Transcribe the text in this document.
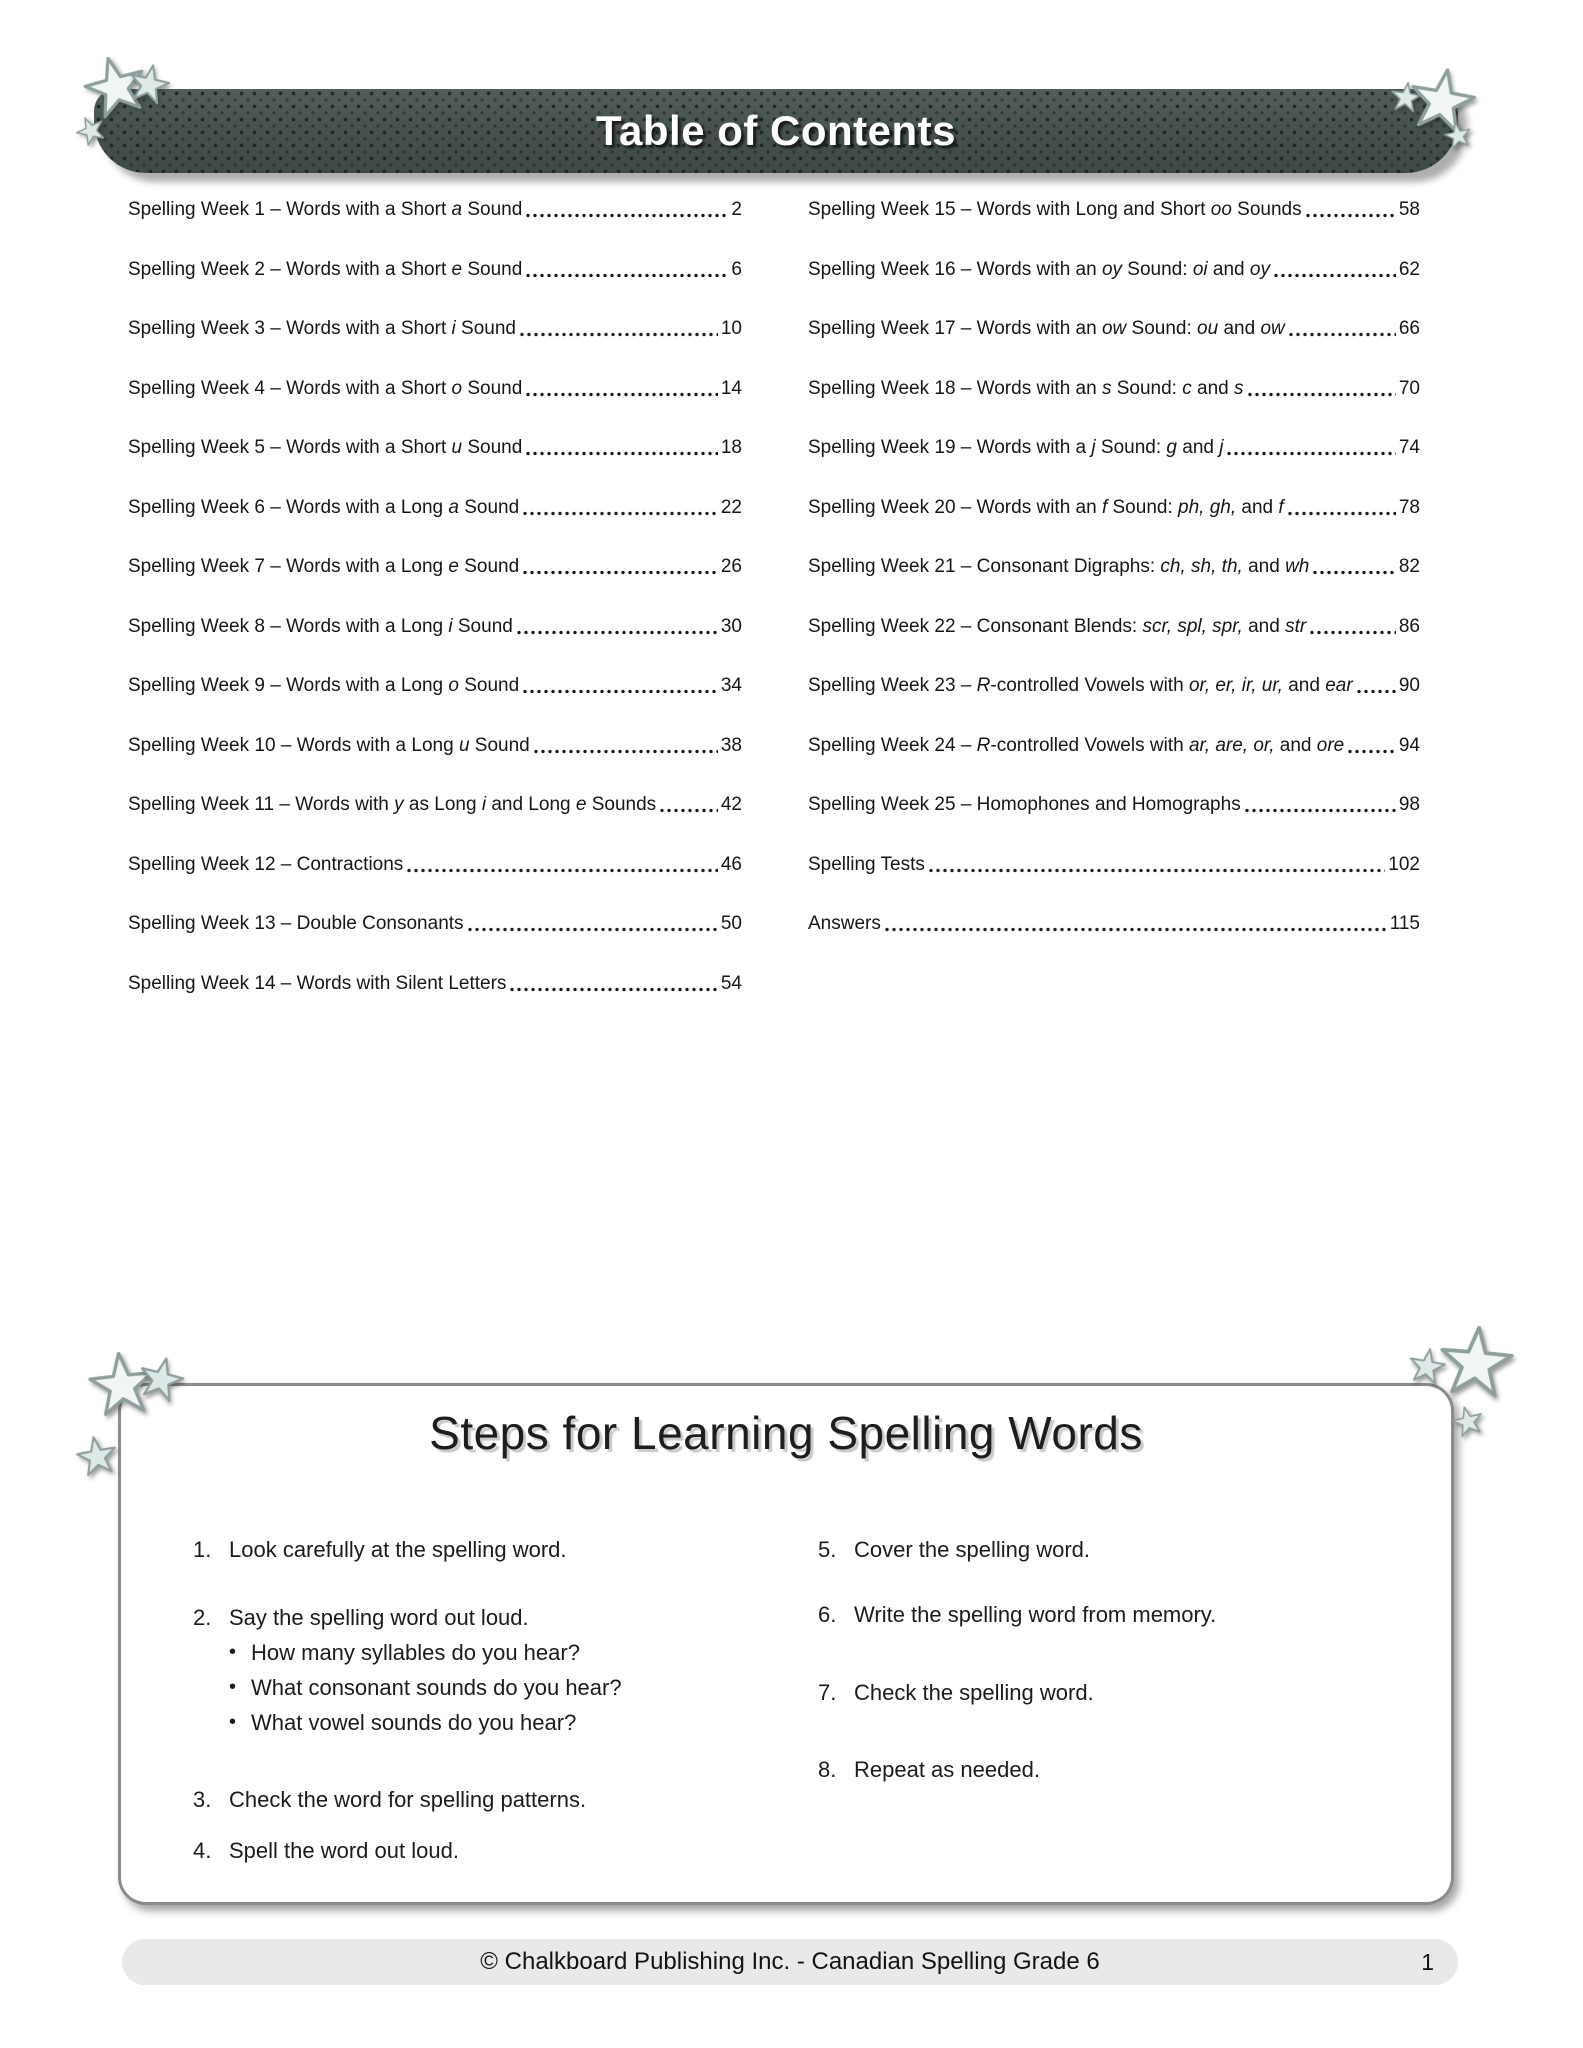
Table of Contents
Spelling Week 1 – Words with a Short a Sound	2
Spelling Week 2 – Words with a Short e Sound	6
Spelling Week 3 – Words with a Short i Sound	10
Spelling Week 4 – Words with a Short o Sound	14
Spelling Week 5 – Words with a Short u Sound	18
Spelling Week 6 – Words with a Long a Sound	22
Spelling Week 7 – Words with a Long e Sound	26
Spelling Week 8 – Words with a Long i Sound	30
Spelling Week 9 – Words with a Long o Sound	34
Spelling Week 10 – Words with a Long u Sound	38
Spelling Week 11 – Words with y as Long i and Long e Sounds	42
Spelling Week 12 – Contractions	46
Spelling Week 13 – Double Consonants	50
Spelling Week 14 – Words with Silent Letters	54
Spelling Week 15 – Words with Long and Short oo Sounds	58
Spelling Week 16 – Words with an oy Sound: oi and oy	62
Spelling Week 17 – Words with an ow Sound: ou and ow	66
Spelling Week 18 – Words with an s Sound: c and s	70
Spelling Week 19 – Words with a j Sound: g and j	74
Spelling Week 20 – Words with an f Sound: ph, gh, and f	78
Spelling Week 21 – Consonant Digraphs: ch, sh, th, and wh	82
Spelling Week 22 – Consonant Blends: scr, spl, spr, and str	86
Spelling Week 23 – R-controlled Vowels with or, er, ir, ur, and ear 90
Spelling Week 24 – R-controlled Vowels with ar, are, or, and ore	94
Spelling Week 25 – Homophones and Homographs	98
Spelling Tests	102
Answers	115
Steps for Learning Spelling Words
1. Look carefully at the spelling word.
2. Say the spelling word out loud.
• How many syllables do you hear?
• What consonant sounds do you hear?
• What vowel sounds do you hear?
3. Check the word for spelling patterns.
4. Spell the word out loud.
5. Cover the spelling word.
6. Write the spelling word from memory.
7. Check the spelling word.
8. Repeat as needed.
© Chalkboard Publishing Inc. - Canadian Spelling Grade 6	1
